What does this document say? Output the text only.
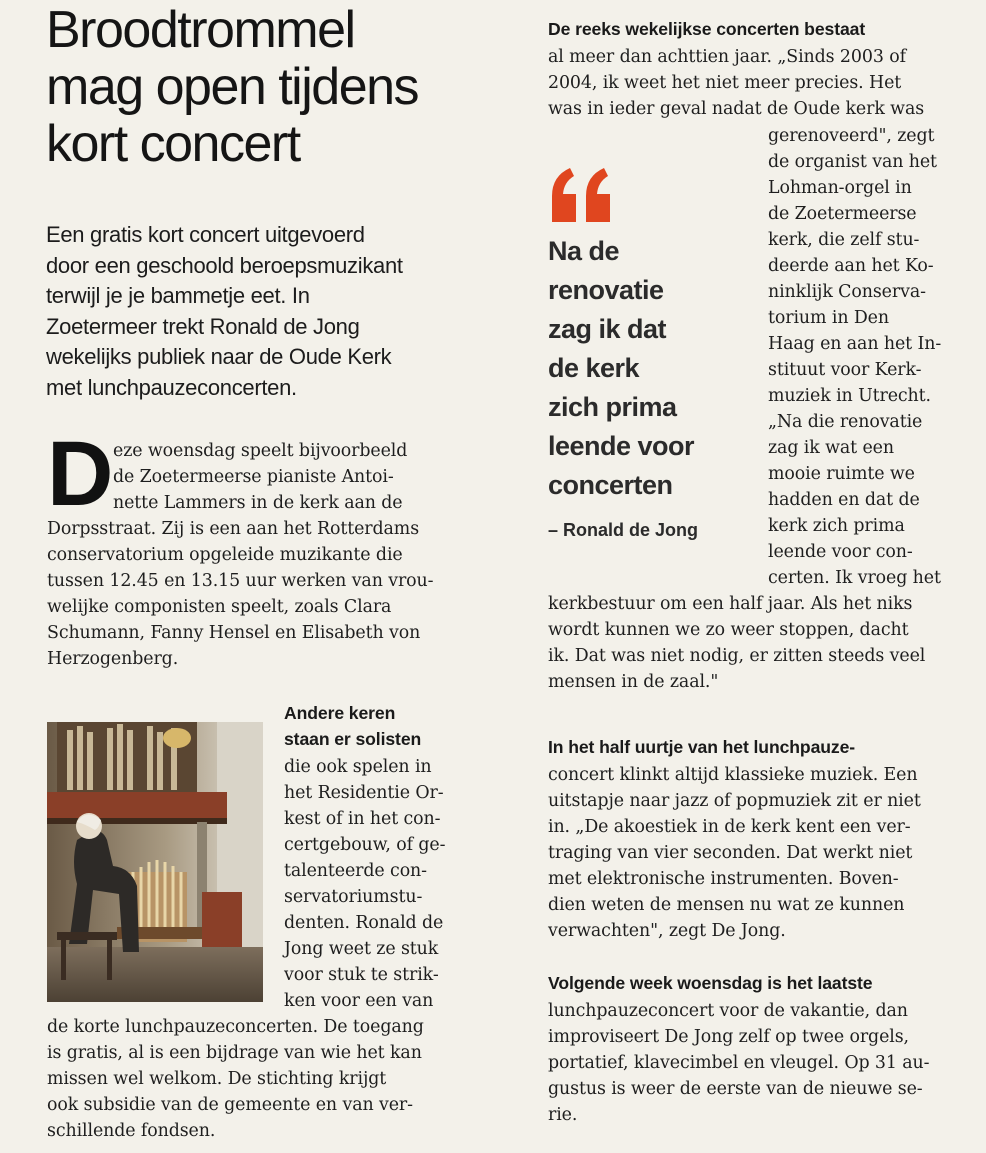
Broodtrommel
mag open tijdens
kort concert
Een gratis kort concert uitgevoerd
door een geschoold beroepsmuzikant
terwijl je je bammetje eet. In
Zoetermeer trekt Ronald de Jong
wekelijks publiek naar de Oude Kerk
met lunchpauzeconcerten.
D eze woensdag speelt bijvoorbeeld
de Zoetermeerse pianiste Antoi-
nette Lammers in de kerk aan de
Dorpsstraat. Zij is een aan het Rotterdams
conservatorium opgeleide muzikante die
tussen 12.45 en 13.15 uur werken van vrou-
welijke componisten speelt, zoals Clara
Schumann, Fanny Hensel en Elisabeth von
Herzogenberg.
Andere keren
staan er solisten
die ook spelen in
het Residentie Or-
kest of in het con-
certgebouw, of ge-
talenteerde con-
servatoriumstu-
denten. Ronald de
Jong weet ze stuk
voor stuk te strik-
ken voor een van
de korte lunchpauzeconcerten. De toegang
is gratis, al is een bijdrage van wie het kan
missen wel welkom. De stichting krijgt
ook subsidie van de gemeente en van ver-
schillende fondsen.
De reeks wekelijkse concerten bestaat
al meer dan achttien jaar. „Sinds 2003 of
2004, ik weet het niet meer precies. Het
was in ieder geval nadat de Oude kerk was
gerenoveerd", zegt
de organist van het
Lohman-orgel in
de Zoetermeerse
kerk, die zelf stu-
deerde aan het Ko-
ninklijk Conserva-
torium in Den
Haag en aan het In-
stituut voor Kerk-
muziek in Utrecht.
„Na die renovatie
zag ik wat een
mooie ruimte we
hadden en dat de
kerk zich prima
leende voor con-
certen. Ik vroeg het
kerkbestuur om een half jaar. Als het niks
wordt kunnen we zo weer stoppen, dacht
ik. Dat was niet nodig, er zitten steeds veel
mensen in de zaal."
Na de
renovatie
zag ik dat
de kerk
zich prima
leende voor
concerten
– Ronald de Jong
In het half uurtje van het lunchpauze-
concert klinkt altijd klassieke muziek. Een
uitstapje naar jazz of popmuziek zit er niet
in. „De akoestiek in de kerk kent een ver-
traging van vier seconden. Dat werkt niet
met elektronische instrumenten. Boven-
dien weten de mensen nu wat ze kunnen
verwachten", zegt De Jong.
Volgende week woensdag is het laatste
lunchpauzeconcert voor de vakantie, dan
improviseert De Jong zelf op twee orgels,
portatief, klavecimbel en vleugel. Op 31 au-
gustus is weer de eerste van de nieuwe se-
rie.
